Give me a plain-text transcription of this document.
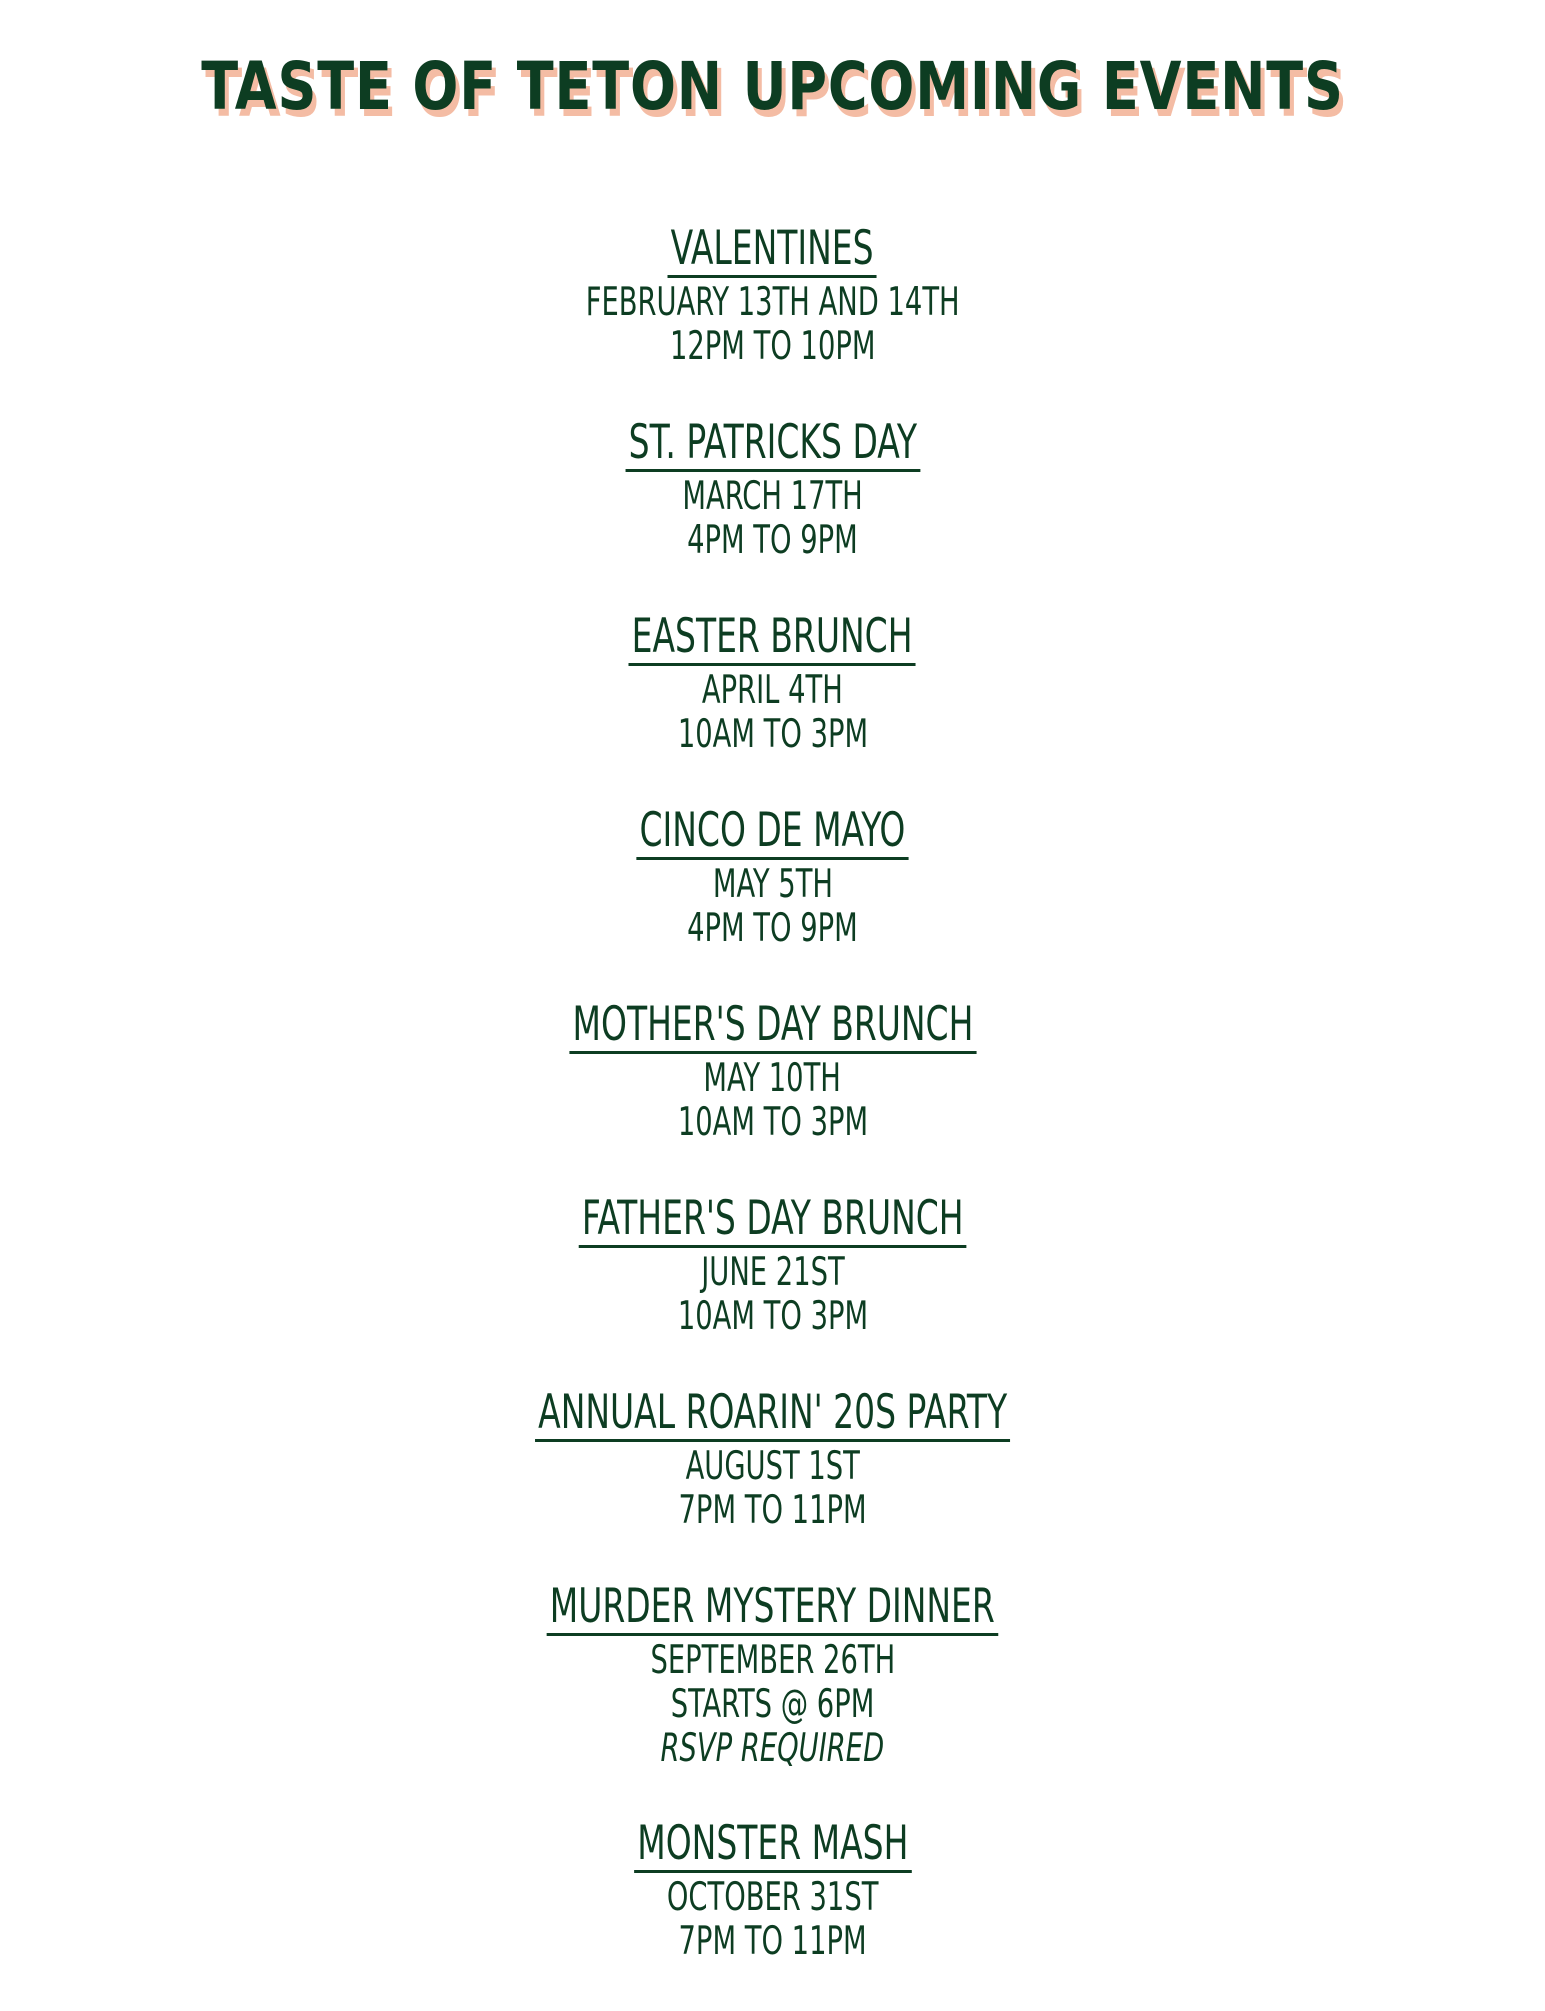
TASTE OF TETON UPCOMING EVENTS
VALENTINES
FEBRUARY 13TH AND 14TH
12PM TO 10PM
ST. PATRICKS DAY
MARCH 17TH
4PM TO 9PM
EASTER BRUNCH
APRIL 4TH
10AM TO 3PM
CINCO DE MAYO
MAY 5TH
4PM TO 9PM
MOTHER'S DAY BRUNCH
MAY 10TH
10AM TO 3PM
FATHER'S DAY BRUNCH
JUNE 21ST
10AM TO 3PM
ANNUAL ROARIN' 20S PARTY
AUGUST 1ST
7PM TO 11PM
MURDER MYSTERY DINNER
SEPTEMBER 26TH
STARTS @ 6PM
RSVP REQUIRED
MONSTER MASH
OCTOBER 31ST
7PM TO 11PM
